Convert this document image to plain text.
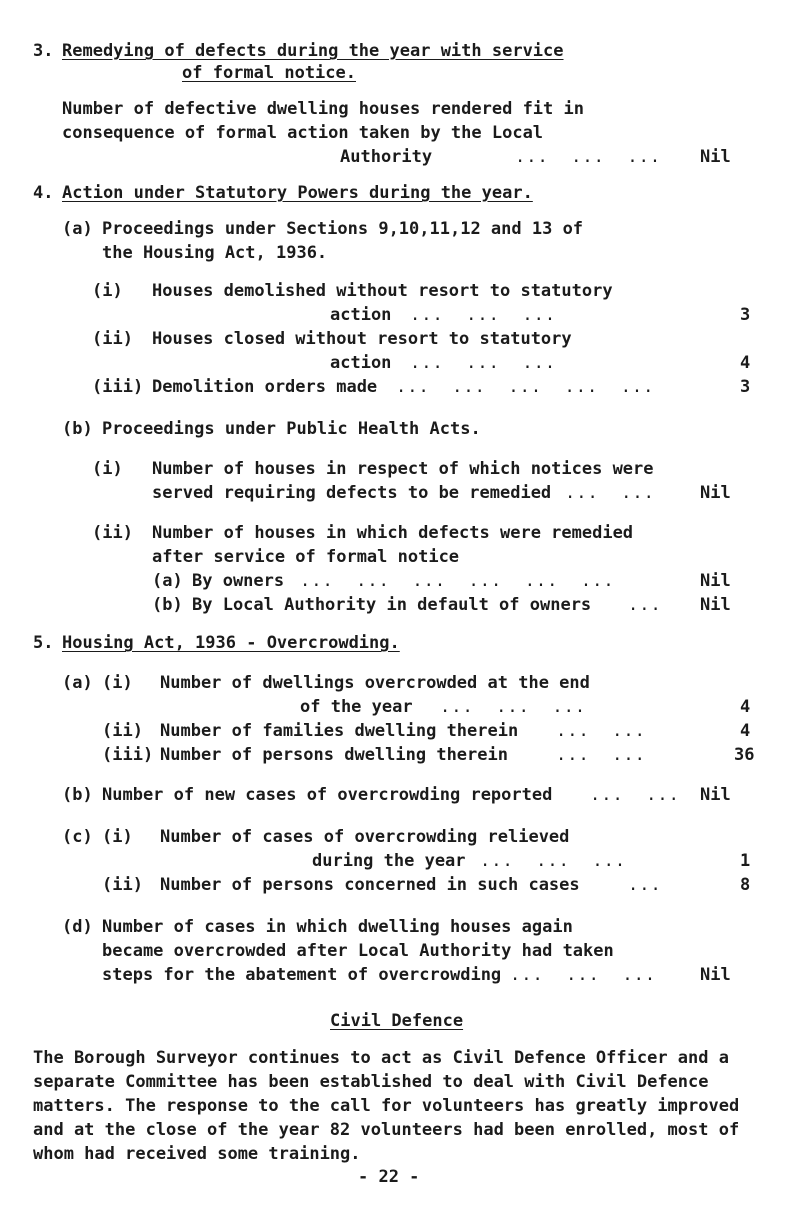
3. Remedying of defects during the year with service
of formal notice.
Number of defective dwelling houses rendered fit in
consequence of formal action taken by the Local
Authority	...  ...  ... Nil
4. Action under Statutory Powers during the year.
(a) Proceedings under Sections 9,10,11,12 and 13 of
the Housing Act, 1936.
(i) Houses demolished without resort to statutory
action ...  ...  ...	3
(ii) Houses closed without resort to statutory
action ...  ...  ...	4
(iii) Demolition orders made ...  ...  ...  ...  ...	3
(b) Proceedings under Public Health Acts.
(i) Number of houses in respect of which notices were
served requiring defects to be remedied ...  ...	Nil
(ii) Number of houses in which defects were remedied
after service of formal notice
(a) By owners ...  ...  ...  ...  ...  ...	Nil
(b) By Local Authority in default of owners ... Nil
5. Housing Act, 1936 - Overcrowding.
(a) (i) Number of dwellings overcrowded at the end
of the year ...  ...  ...	4
(ii) Number of families dwelling therein ...  ...	4
(iii) Number of persons dwelling therein	...  ...	36
(b) Number of new cases of overcrowding reported ...  ... Nil
(c) (i) Number of cases of overcrowding relieved
during the year ...  ...  ...	1
(ii) Number of persons concerned in such cases	...	8
(d) Number of cases in which dwelling houses again
became overcrowded after Local Authority had taken
steps for the abatement of overcrowding ...  ...  ...	Nil
Civil Defence
The Borough Surveyor continues to act as Civil Defence Officer and a separate Committee has been established to deal with Civil Defence matters. The response to the call for volunteers has greatly improved and at the close of the year 82 volunteers had been enrolled, most of whom had received some training.
- 22 -
